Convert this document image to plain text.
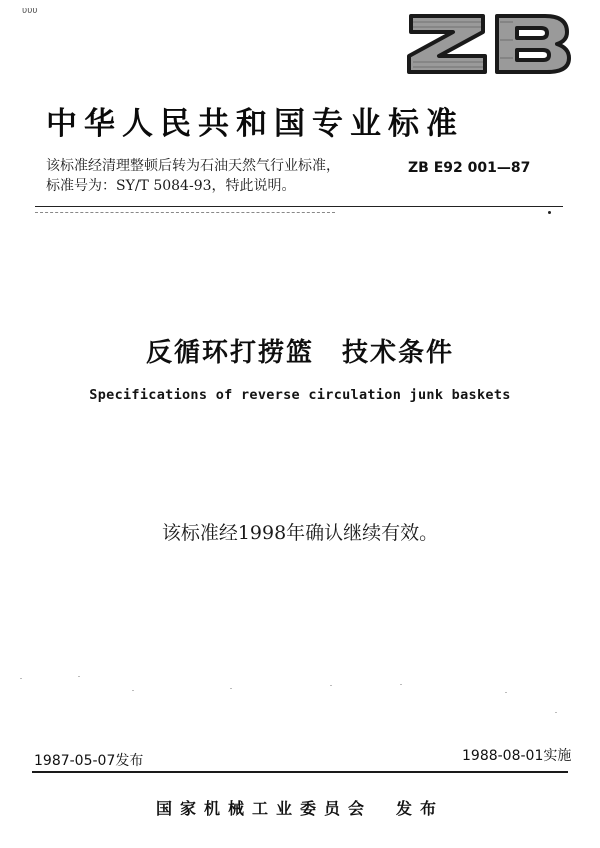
υυυ
中华人民共和国专业标准
该标准经清理整顿后转为石油天然气行业标准，
标准号为：SY/T 5084-93，特此说明。
ZB E92 001—87
反循环打捞篮　技术条件
Specifications of reverse circulation junk baskets
该标准经1998年确认继续有效。
1987-05-07发布	1988-08-01实施
国家机械工业委员会　发布
